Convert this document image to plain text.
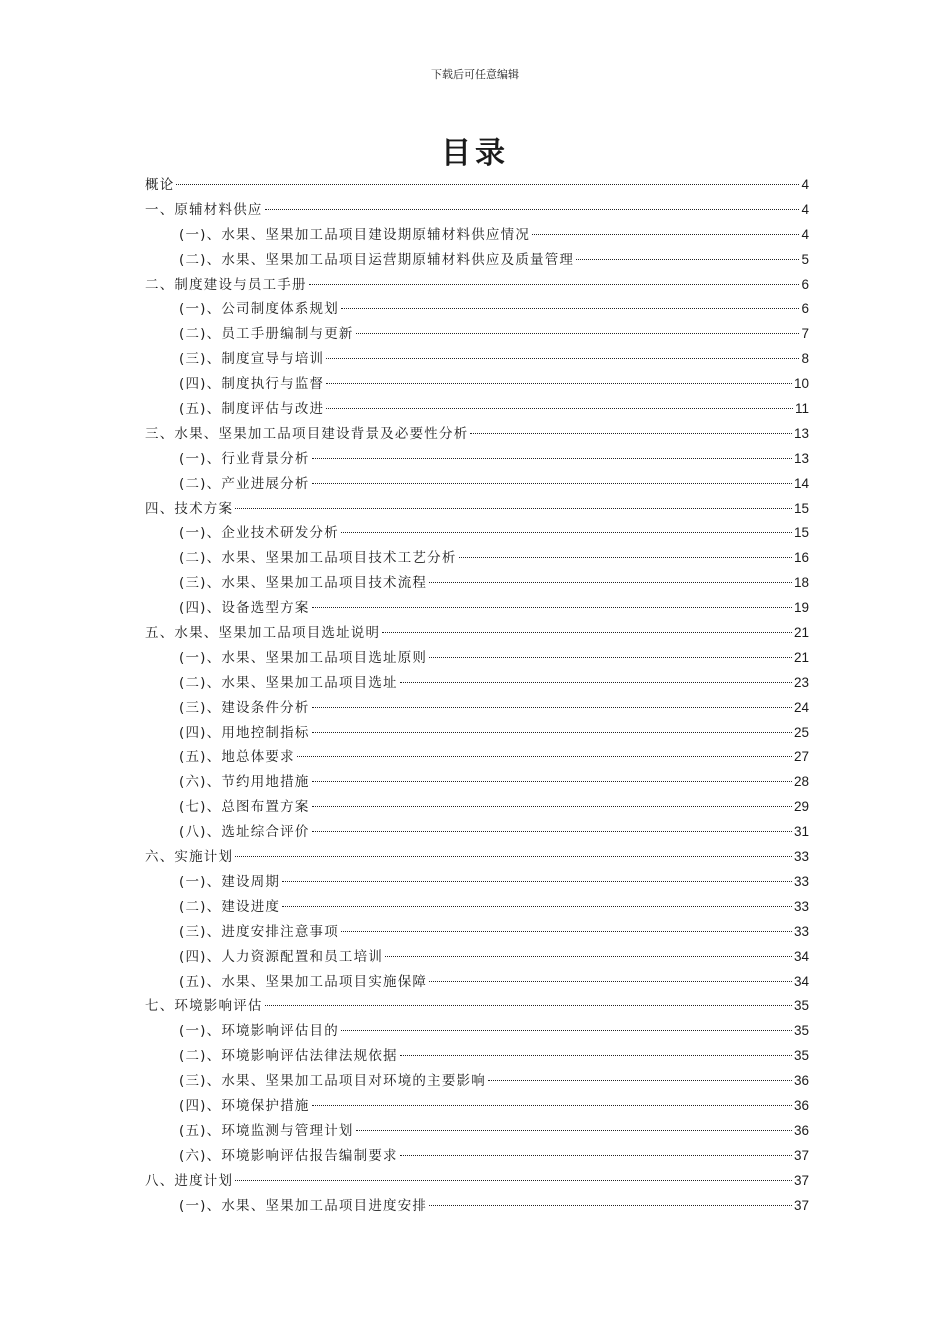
下载后可任意编辑
目录
概论	4
一、原辅材料供应	4
(一)、水果、坚果加工品项目建设期原辅材料供应情况	4
(二)、水果、坚果加工品项目运营期原辅材料供应及质量管理	5
二、制度建设与员工手册	6
(一)、公司制度体系规划	6
(二)、员工手册编制与更新	7
(三)、制度宣导与培训	8
(四)、制度执行与监督	10
(五)、制度评估与改进	11
三、水果、坚果加工品项目建设背景及必要性分析	13
(一)、行业背景分析	13
(二)、产业进展分析	14
四、技术方案	15
(一)、企业技术研发分析	15
(二)、水果、坚果加工品项目技术工艺分析	16
(三)、水果、坚果加工品项目技术流程	18
(四)、设备选型方案	19
五、水果、坚果加工品项目选址说明	21
(一)、水果、坚果加工品项目选址原则	21
(二)、水果、坚果加工品项目选址	23
(三)、建设条件分析	24
(四)、用地控制指标	25
(五)、地总体要求	27
(六)、节约用地措施	28
(七)、总图布置方案	29
(八)、选址综合评价	31
六、实施计划	33
(一)、建设周期	33
(二)、建设进度	33
(三)、进度安排注意事项	33
(四)、人力资源配置和员工培训	34
(五)、水果、坚果加工品项目实施保障	34
七、环境影响评估	35
(一)、环境影响评估目的	35
(二)、环境影响评估法律法规依据	35
(三)、水果、坚果加工品项目对环境的主要影响	36
(四)、环境保护措施	36
(五)、环境监测与管理计划	36
(六)、环境影响评估报告编制要求	37
八、进度计划	37
(一)、水果、坚果加工品项目进度安排	37
